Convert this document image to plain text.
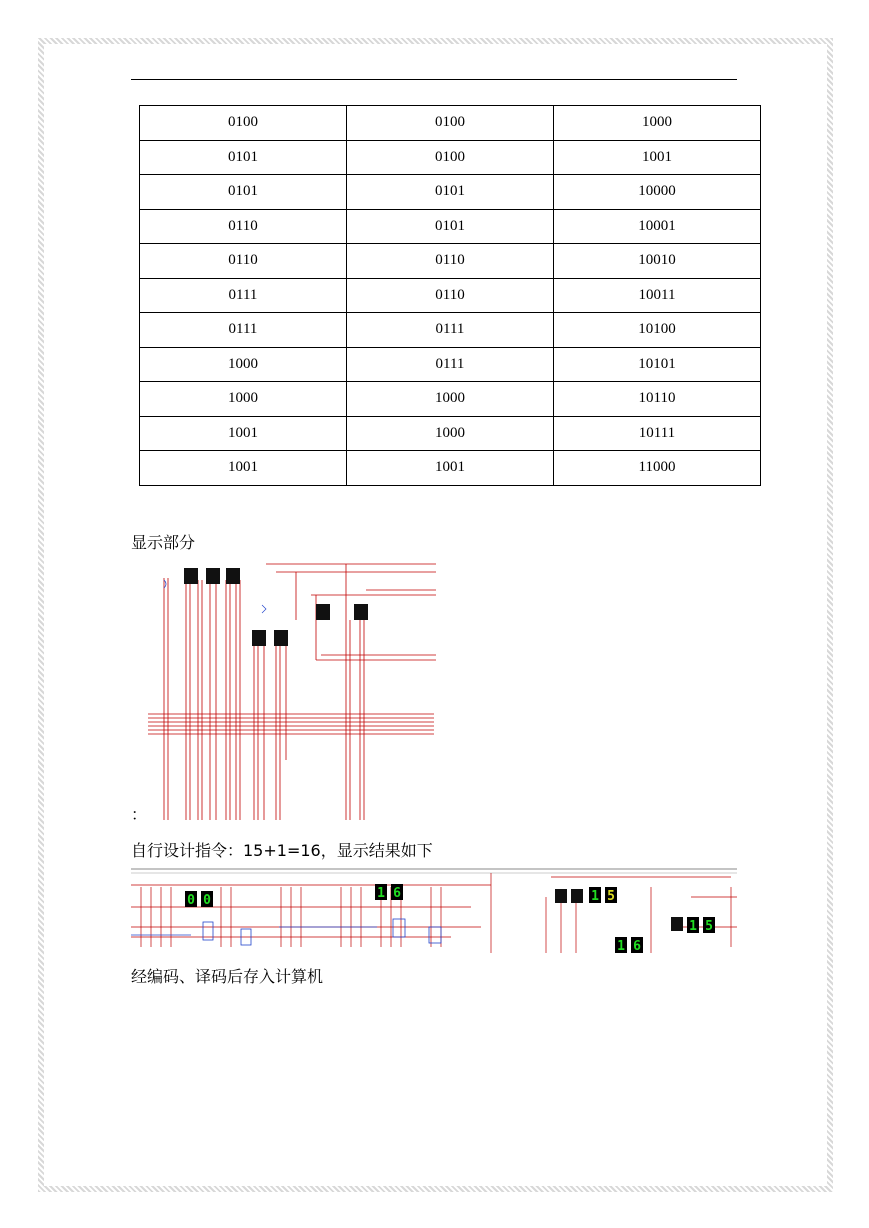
0100	0100	1000
0101	0100	1001
0101	0101	10000
0110	0101	10001
0110	0110	10010
0111	0110	10011
0111	0111	10100
1000	0111	10101
1000	1000	10110
1001	1000	10111
1001	1001	11000
显示部分
：
自行设计指令：15+1=16，显示结果如下
0 0	1 6	1 5
1 6
1 5
经编码、译码后存入计算机
